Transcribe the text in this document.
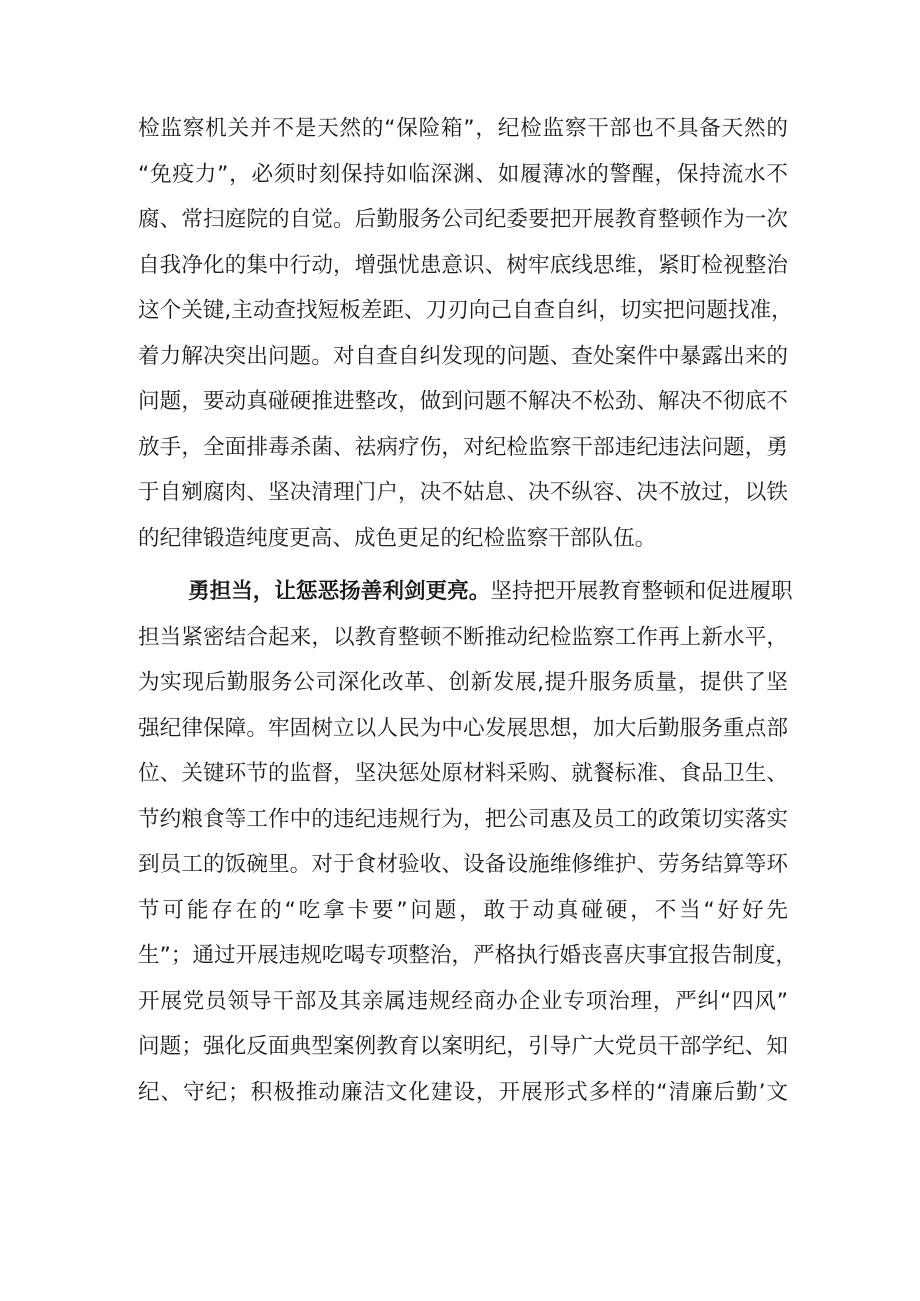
检监察机关并不是天然的“保险箱”，纪检监察干部也不具备天然的
“免疫力”，必须时刻保持如临深渊、如履薄冰的警醒，保持流水不
腐、常扫庭院的自觉。后勤服务公司纪委要把开展教育整顿作为一次
自我净化的集中行动，增强忧患意识、树牢底线思维，紧盯检视整治
这个关键,主动查找短板差距、刀刃向己自查自纠，切实把问题找准，
着力解决突出问题。对自查自纠发现的问题、查处案件中暴露出来的
问题，要动真碰硬推进整改，做到问题不解决不松劲、解决不彻底不
放手，全面排毒杀菌、祛病疗伤，对纪检监察干部违纪违法问题，勇
于自剜腐肉、坚决清理门户，决不姑息、决不纵容、决不放过，以铁
的纪律锻造纯度更高、成色更足的纪检监察干部队伍。
勇担当，让惩恶扬善利剑更亮。坚持把开展教育整顿和促进履职
担当紧密结合起来，以教育整顿不断推动纪检监察工作再上新水平，
为实现后勤服务公司深化改革、创新发展,提升服务质量，提供了坚
强纪律保障。牢固树立以人民为中心发展思想，加大后勤服务重点部
位、关键环节的监督，坚决惩处原材料采购、就餐标准、食品卫生、
节约粮食等工作中的违纪违规行为，把公司惠及员工的政策切实落实
到员工的饭碗里。对于食材验收、设备设施维修维护、劳务结算等环
节可能存在的“吃拿卡要”问题，敢于动真碰硬，不当“好好先
生”；通过开展违规吃喝专项整治，严格执行婚丧喜庆事宜报告制度，
开展党员领导干部及其亲属违规经商办企业专项治理，严纠“四风”
问题；强化反面典型案例教育以案明纪，引导广大党员干部学纪、知
纪、守纪；积极推动廉洁文化建设，开展形式多样的“清廉后勤’文
